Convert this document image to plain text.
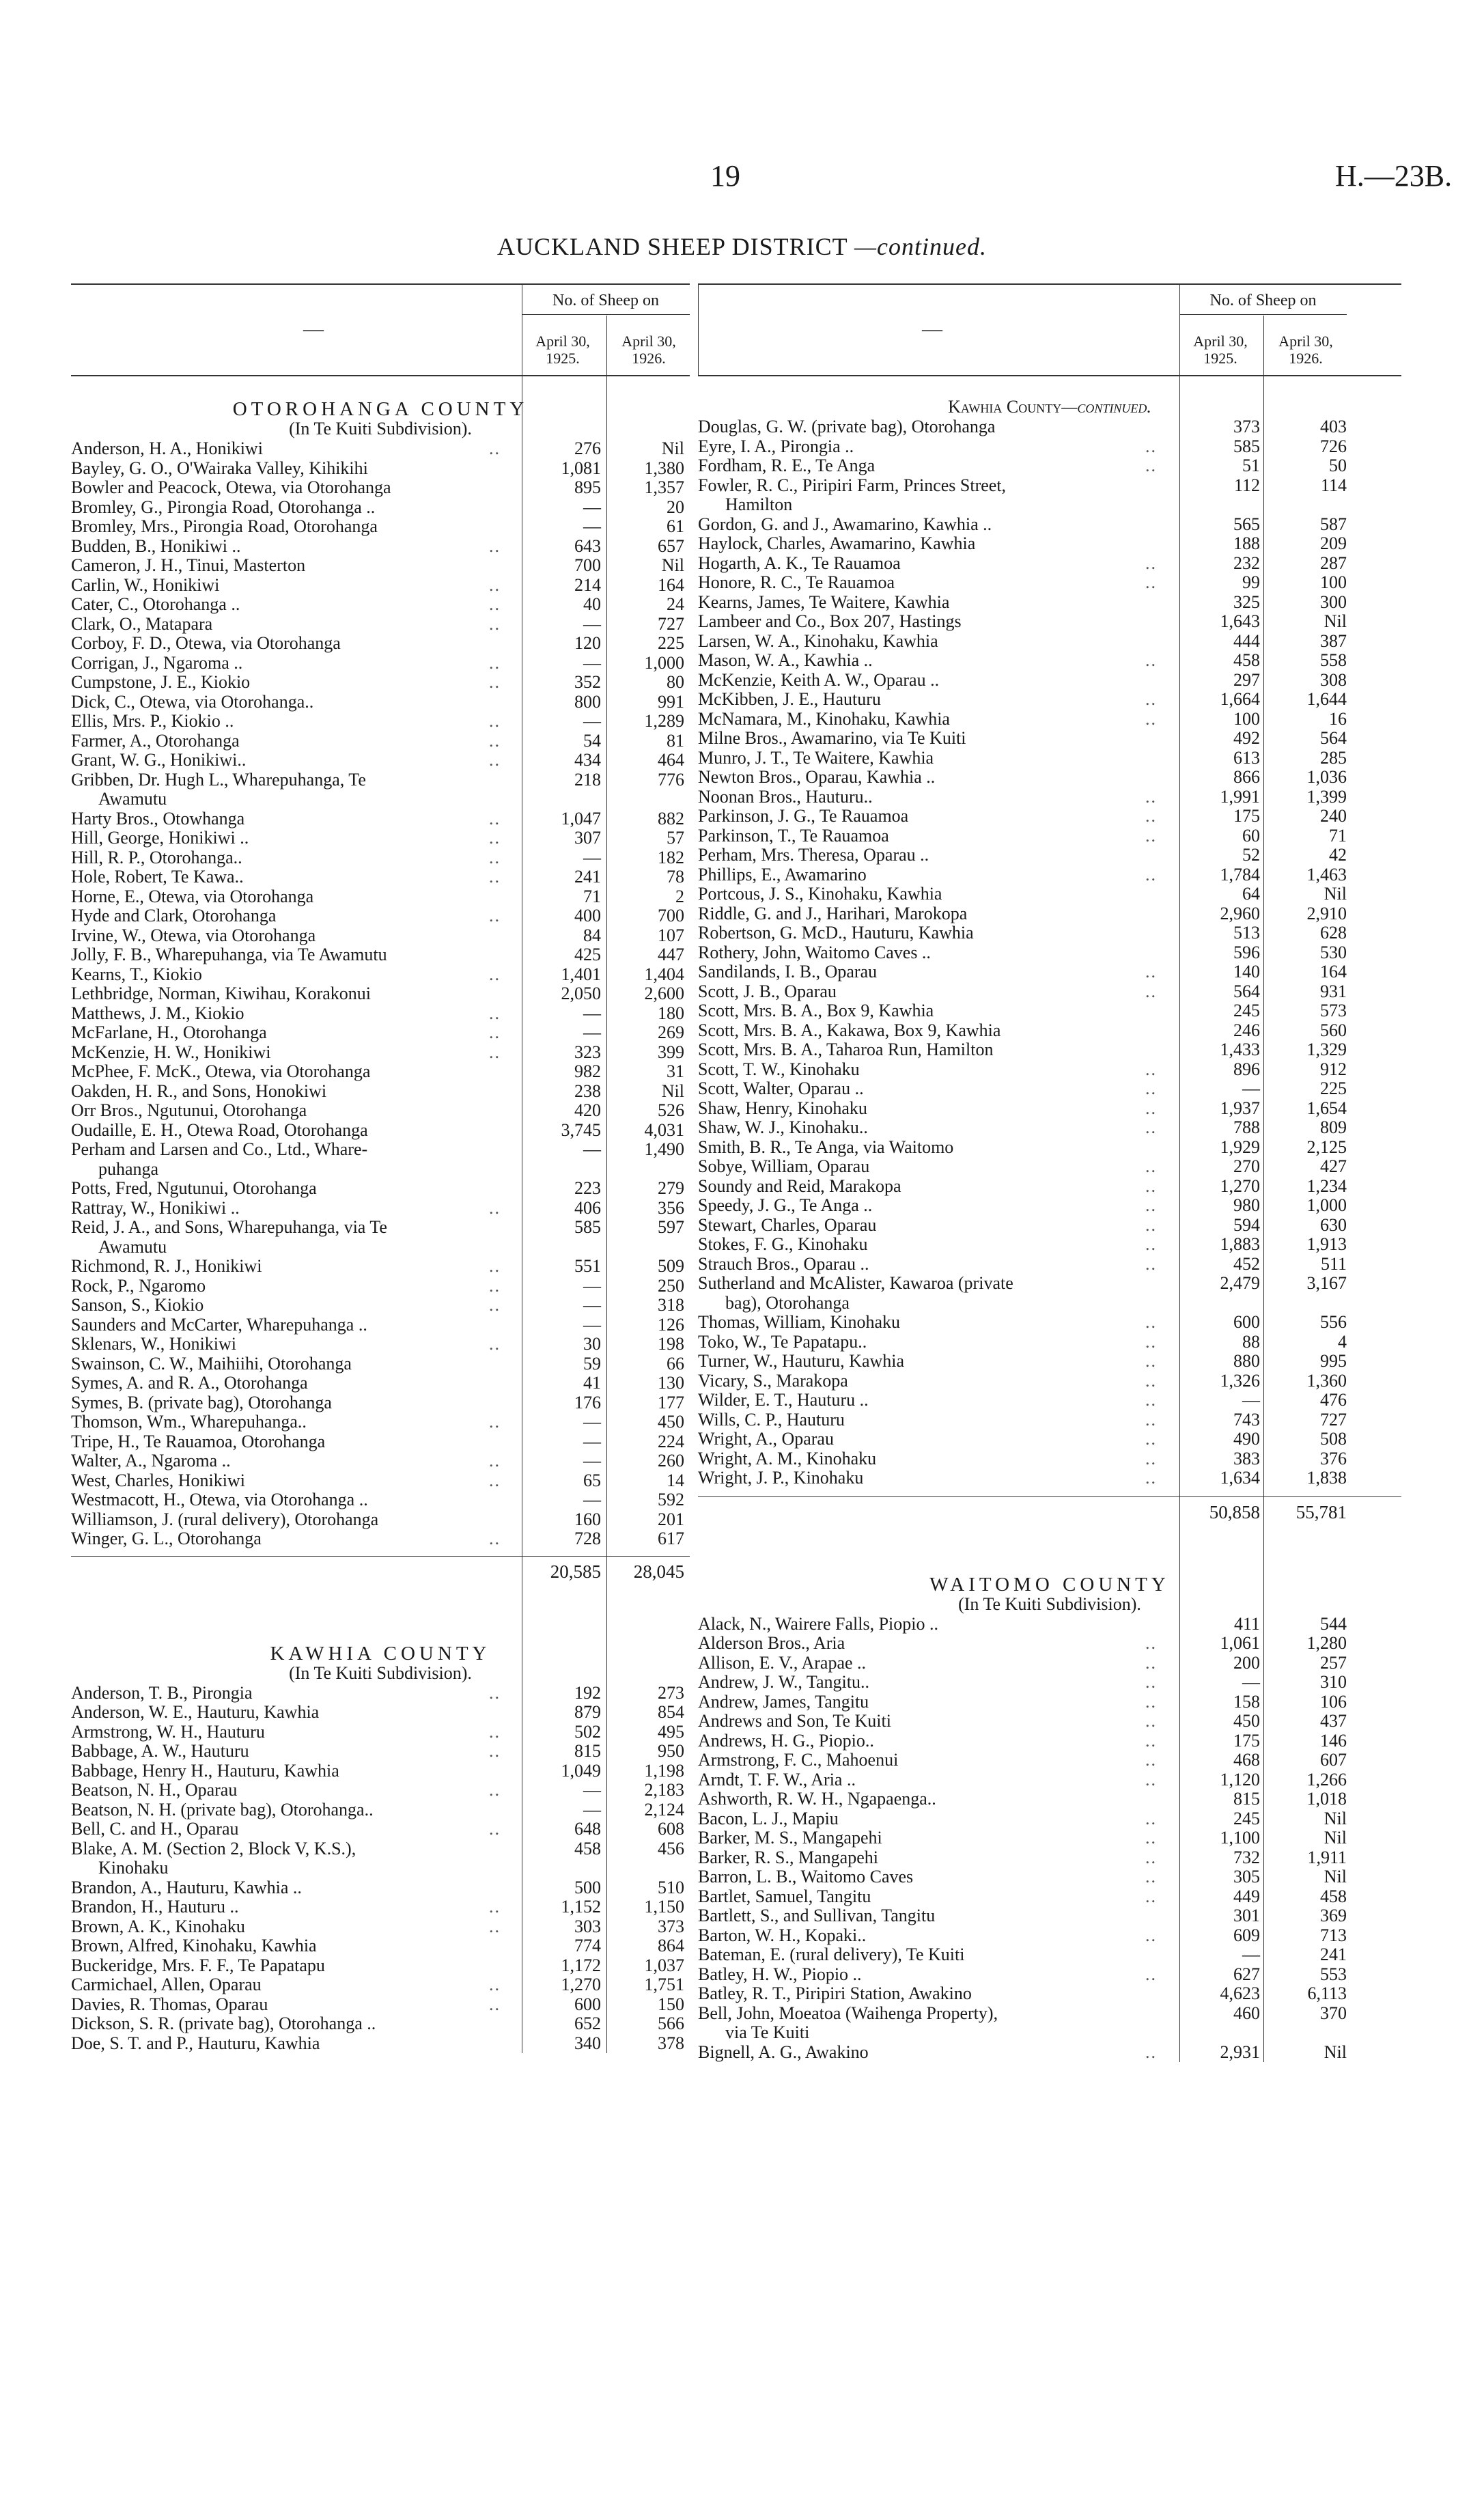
19	H.—23B.
AUCKLAND SHEEP DISTRICT —continued.
—
No. of Sheep on
April 30,
1925.
April 30,
1926.
OTOROHANGA COUNTY
(In Te Kuiti Subdivision).
Anderson, H. A., Honikiwi	..	276	Nil
Bayley, G. O., O'Wairaka Valley, Kihikihi	1,081	1,380
Bowler and Peacock, Otewa, via Otorohanga	895	1,357
Bromley, G., Pirongia Road, Otorohanga ..	—	20
Bromley, Mrs., Pirongia Road, Otorohanga	—	61
Budden, B., Honikiwi ..	..	643	657
Cameron, J. H., Tinui, Masterton	700	Nil
Carlin, W., Honikiwi	..	214	164
Cater, C., Otorohanga ..	..	40	24
Clark, O., Matapara	..	—	727
Corboy, F. D., Otewa, via Otorohanga	120	225
Corrigan, J., Ngaroma ..	..	—	1,000
Cumpstone, J. E., Kiokio	..	352	80
Dick, C., Otewa, via Otorohanga..	800	991
Ellis, Mrs. P., Kiokio ..	..	—	1,289
Farmer, A., Otorohanga	..	54	81
Grant, W. G., Honikiwi..	..	434	464
Gribben, Dr. Hugh L., Wharepuhanga, Te	218	776
Awamutu
Harty Bros., Otowhanga	..	1,047	882
Hill, George, Honikiwi ..	..	307	57
Hill, R. P., Otorohanga..	..	—	182
Hole, Robert, Te Kawa..	..	241	78
Horne, E., Otewa, via Otorohanga	71	2
Hyde and Clark, Otorohanga	..	400	700
Irvine, W., Otewa, via Otorohanga	84	107
Jolly, F. B., Wharepuhanga, via Te Awamutu	425	447
Kearns, T., Kiokio	..	1,401	1,404
Lethbridge, Norman, Kiwihau, Korakonui	2,050	2,600
Matthews, J. M., Kiokio	..	—	180
McFarlane, H., Otorohanga	..	—	269
McKenzie, H. W., Honikiwi	..	323	399
McPhee, F. McK., Otewa, via Otorohanga	982	31
Oakden, H. R., and Sons, Honokiwi	238	Nil
Orr Bros., Ngutunui, Otorohanga	420	526
Oudaille, E. H., Otewa Road, Otorohanga	3,745	4,031
Perham and Larsen and Co., Ltd., Whare-	—	1,490
puhanga
Potts, Fred, Ngutunui, Otorohanga	223	279
Rattray, W., Honikiwi ..	..	406	356
Reid, J. A., and Sons, Wharepuhanga, via Te	585	597
Awamutu
Richmond, R. J., Honikiwi	..	551	509
Rock, P., Ngaromo	..	—	250
Sanson, S., Kiokio	..	—	318
Saunders and McCarter, Wharepuhanga ..	—	126
Sklenars, W., Honikiwi	..	30	198
Swainson, C. W., Maihiihi, Otorohanga	59	66
Symes, A. and R. A., Otorohanga	41	130
Symes, B. (private bag), Otorohanga	176	177
Thomson, Wm., Wharepuhanga..	..	—	450
Tripe, H., Te Rauamoa, Otorohanga	—	224
Walter, A., Ngaroma ..	..	—	260
West, Charles, Honikiwi	..	65	14
Westmacott, H., Otewa, via Otorohanga ..	—	592
Williamson, J. (rural delivery), Otorohanga	160	201
Winger, G. L., Otorohanga	..	728	617
20,585	28,045
KAWHIA COUNTY
(In Te Kuiti Subdivision).
Anderson, T. B., Pirongia	..	192	273
Anderson, W. E., Hauturu, Kawhia	879	854
Armstrong, W. H., Hauturu	..	502	495
Babbage, A. W., Hauturu	..	815	950
Babbage, Henry H., Hauturu, Kawhia	1,049	1,198
Beatson, N. H., Oparau	..	—	2,183
Beatson, N. H. (private bag), Otorohanga..	—	2,124
Bell, C. and H., Oparau	..	648	608
Blake, A. M. (Section 2, Block V, K.S.),	458	456
Kinohaku
Brandon, A., Hauturu, Kawhia ..	500	510
Brandon, H., Hauturu ..	..	1,152	1,150
Brown, A. K., Kinohaku	..	303	373
Brown, Alfred, Kinohaku, Kawhia	774	864
Buckeridge, Mrs. F. F., Te Papatapu	1,172	1,037
Carmichael, Allen, Oparau	..	1,270	1,751
Davies, R. Thomas, Oparau	..	600	150
Dickson, S. R. (private bag), Otorohanga ..	652	566
Doe, S. T. and P., Hauturu, Kawhia	340	378
—
No. of Sheep on
April 30,
1925.
April 30,
1926.
Kawhia County—continued.
Douglas, G. W. (private bag), Otorohanga	373	403
Eyre, I. A., Pirongia ..	..	585	726
Fordham, R. E., Te Anga	..	51	50
Fowler, R. C., Piripiri Farm, Princes Street,	112	114
Hamilton
Gordon, G. and J., Awamarino, Kawhia ..	565	587
Haylock, Charles, Awamarino, Kawhia	188	209
Hogarth, A. K., Te Rauamoa	..	232	287
Honore, R. C., Te Rauamoa	..	99	100
Kearns, James, Te Waitere, Kawhia	325	300
Lambeer and Co., Box 207, Hastings	1,643	Nil
Larsen, W. A., Kinohaku, Kawhia	444	387
Mason, W. A., Kawhia ..	..	458	558
McKenzie, Keith A. W., Oparau ..	297	308
McKibben, J. E., Hauturu	..	1,664	1,644
McNamara, M., Kinohaku, Kawhia	..	100	16
Milne Bros., Awamarino, via Te Kuiti	492	564
Munro, J. T., Te Waitere, Kawhia	613	285
Newton Bros., Oparau, Kawhia ..	866	1,036
Noonan Bros., Hauturu..	..	1,991	1,399
Parkinson, J. G., Te Rauamoa	..	175	240
Parkinson, T., Te Rauamoa	..	60	71
Perham, Mrs. Theresa, Oparau ..	52	42
Phillips, E., Awamarino	..	1,784	1,463
Portcous, J. S., Kinohaku, Kawhia	64	Nil
Riddle, G. and J., Harihari, Marokopa	2,960	2,910
Robertson, G. McD., Hauturu, Kawhia	513	628
Rothery, John, Waitomo Caves ..	596	530
Sandilands, I. B., Oparau	..	140	164
Scott, J. B., Oparau	..	564	931
Scott, Mrs. B. A., Box 9, Kawhia	245	573
Scott, Mrs. B. A., Kakawa, Box 9, Kawhia	246	560
Scott, Mrs. B. A., Taharoa Run, Hamilton	1,433	1,329
Scott, T. W., Kinohaku	..	896	912
Scott, Walter, Oparau ..	..	—	225
Shaw, Henry, Kinohaku	..	1,937	1,654
Shaw, W. J., Kinohaku..	..	788	809
Smith, B. R., Te Anga, via Waitomo	1,929	2,125
Sobye, William, Oparau	..	270	427
Soundy and Reid, Marakopa	..	1,270	1,234
Speedy, J. G., Te Anga ..	..	980	1,000
Stewart, Charles, Oparau	..	594	630
Stokes, F. G., Kinohaku	..	1,883	1,913
Strauch Bros., Oparau ..	..	452	511
Sutherland and McAlister, Kawaroa (private	2,479	3,167
bag), Otorohanga
Thomas, William, Kinohaku	..	600	556
Toko, W., Te Papatapu..	..	88	4
Turner, W., Hauturu, Kawhia	..	880	995
Vicary, S., Marakopa	..	1,326	1,360
Wilder, E. T., Hauturu ..	..	—	476
Wills, C. P., Hauturu	..	743	727
Wright, A., Oparau	..	490	508
Wright, A. M., Kinohaku	..	383	376
Wright, J. P., Kinohaku	..	1,634	1,838
50,858	55,781
WAITOMO COUNTY
(In Te Kuiti Subdivision).
Alack, N., Wairere Falls, Piopio ..	411	544
Alderson Bros., Aria	..	1,061	1,280
Allison, E. V., Arapae ..	..	200	257
Andrew, J. W., Tangitu..	..	—	310
Andrew, James, Tangitu	..	158	106
Andrews and Son, Te Kuiti	..	450	437
Andrews, H. G., Piopio..	..	175	146
Armstrong, F. C., Mahoenui	..	468	607
Arndt, T. F. W., Aria ..	..	1,120	1,266
Ashworth, R. W. H., Ngapaenga..	815	1,018
Bacon, L. J., Mapiu	..	245	Nil
Barker, M. S., Mangapehi	..	1,100	Nil
Barker, R. S., Mangapehi	..	732	1,911
Barron, L. B., Waitomo Caves	..	305	Nil
Bartlet, Samuel, Tangitu	..	449	458
Bartlett, S., and Sullivan, Tangitu	301	369
Barton, W. H., Kopaki..	..	609	713
Bateman, E. (rural delivery), Te Kuiti	—	241
Batley, H. W., Piopio ..	..	627	553
Batley, R. T., Piripiri Station, Awakino	4,623	6,113
Bell, John, Moeatoa (Waihenga Property),	460	370
via Te Kuiti
Bignell, A. G., Awakino	..	2,931	Nil
